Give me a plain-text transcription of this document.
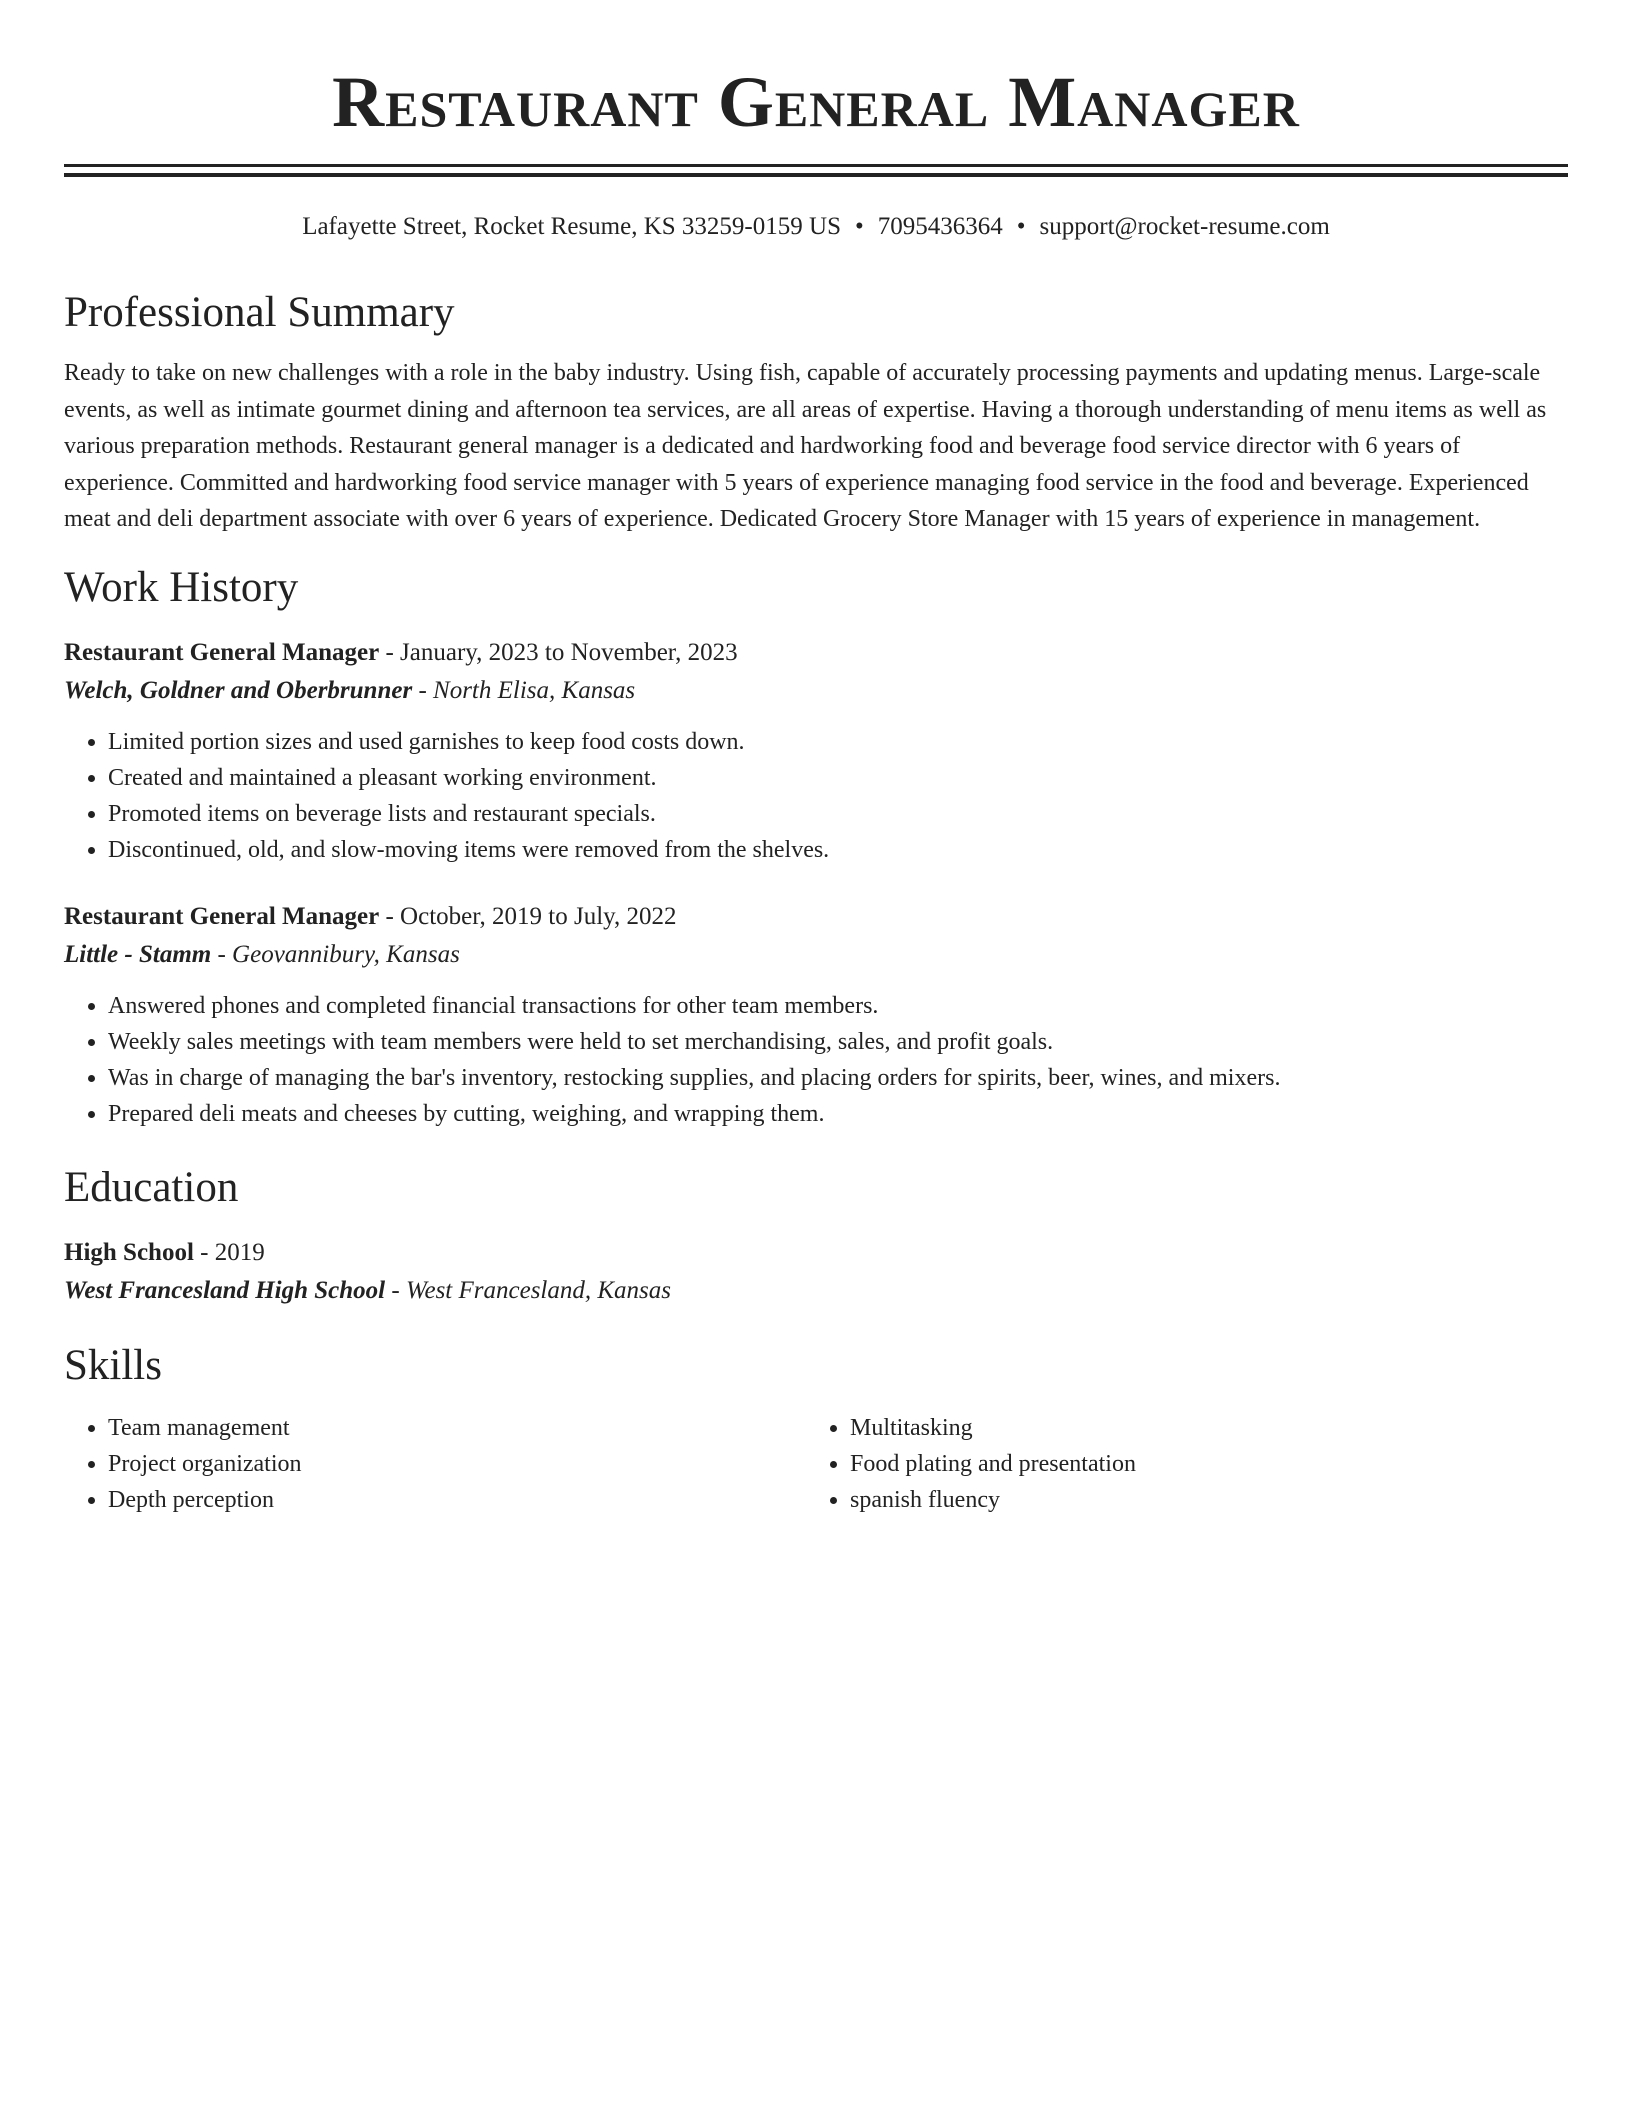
Restaurant General Manager
Lafayette Street, Rocket Resume, KS 33259-0159 US • 7095436364 • support@rocket-resume.com
Professional Summary

Ready to take on new challenges with a role in the baby industry. Using fish, capable of accurately processing payments and updating menus. Large-scale events, as well as intimate gourmet dining and afternoon tea services, are all areas of expertise. Having a thorough understanding of menu items as well as various preparation methods. Restaurant general manager is a dedicated and hardworking food and beverage food service director with 6 years of experience. Committed and hardworking food service manager with 5 years of experience managing food service in the food and beverage. Experienced meat and deli department associate with over 6 years of experience. Dedicated Grocery Store Manager with 15 years of experience in management.

Work History
Restaurant General Manager - January, 2023 to November, 2023
Welch, Goldner and Oberbrunner - North Elisa, Kansas
• Limited portion sizes and used garnishes to keep food costs down.
• Created and maintained a pleasant working environment.
• Promoted items on beverage lists and restaurant specials.
• Discontinued, old, and slow-moving items were removed from the shelves.
Restaurant General Manager - October, 2019 to July, 2022
Little - Stamm - Geovannibury, Kansas
• Answered phones and completed financial transactions for other team members.
• Weekly sales meetings with team members were held to set merchandising, sales, and profit goals.
• Was in charge of managing the bar's inventory, restocking supplies, and placing orders for spirits, beer, wines, and mixers.
• Prepared deli meats and cheeses by cutting, weighing, and wrapping them.
Education
High School - 2019
West Francesland High School - West Francesland, Kansas
Skills
• Team management
• Project organization
• Depth perception
• Multitasking
• Food plating and presentation
• spanish fluency
